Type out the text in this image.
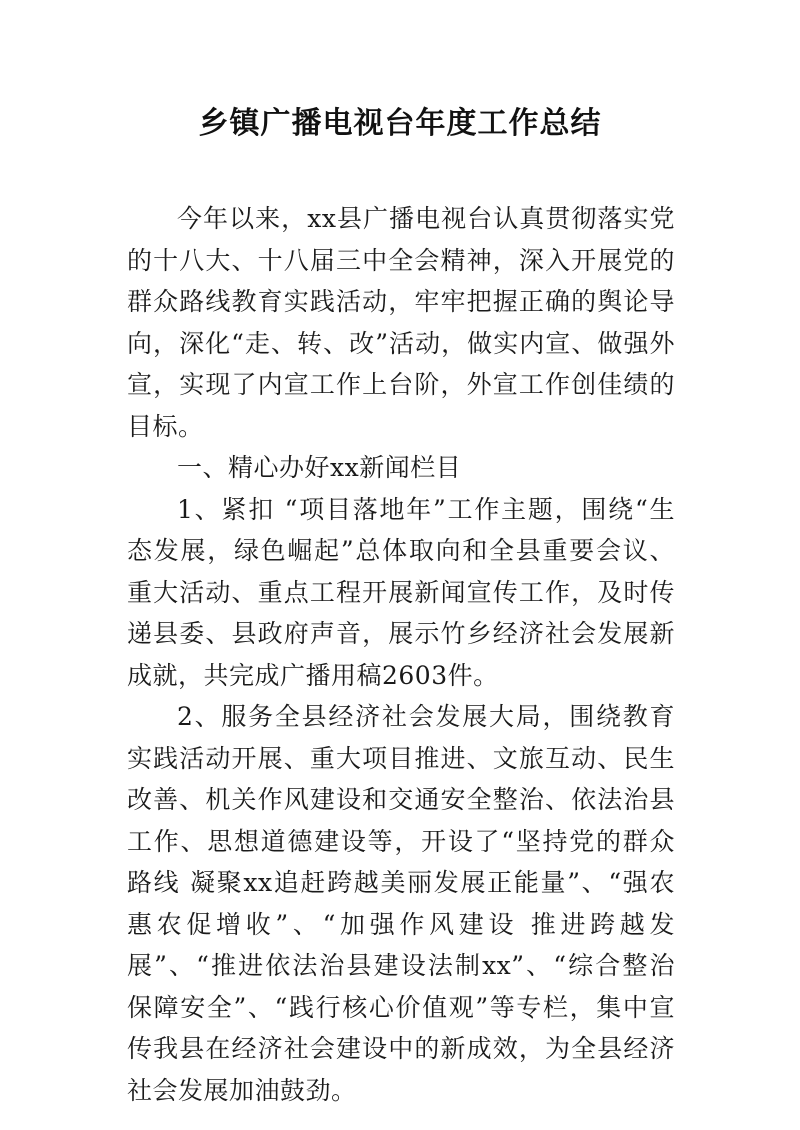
乡镇广播电视台年度工作总结

今年以来，xx县广播电视台认真贯彻落实党的十八大、十八届三中全会精神，深入开展党的群众路线教育实践活动，牢牢把握正确的舆论导向，深化“走、转、改”活动，做实内宣、做强外宣，实现了内宣工作上台阶，外宣工作创佳绩的目标。

一、精心办好xx新闻栏目

1、紧扣 “项目落地年”工作主题，围绕“生态发展，绿色崛起”总体取向和全县重要会议、重大活动、重点工程开展新闻宣传工作，及时传递县委、县政府声音，展示竹乡经济社会发展新成就，共完成广播用稿2603件。

2、服务全县经济社会发展大局，围绕教育实践活动开展、重大项目推进、文旅互动、民生改善、机关作风建设和交通安全整治、依法治县工作、思想道德建设等，开设了“坚持党的群众路线 凝聚xx追赶跨越美丽发展正能量”、“强农惠农促增收”、“加强作风建设 推进跨越发展”、“推进依法治县建设法制xx”、“综合整治 保障安全”、“践行核心价值观”等专栏，集中宣传我县在经济社会建设中的新成效，为全县经济社会发展加油鼓劲。
